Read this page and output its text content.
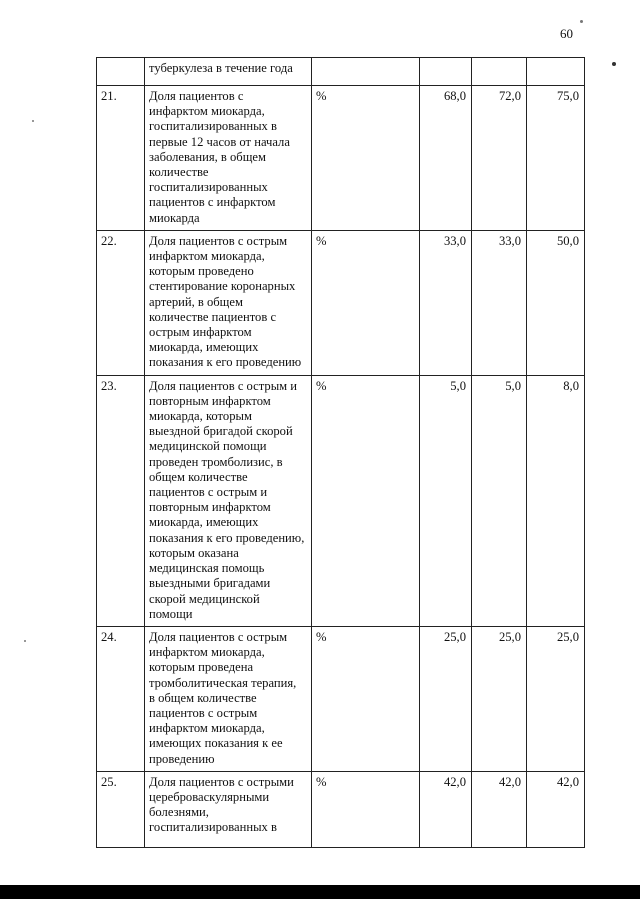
60
	туберкулеза в течение года				
21.	Доля пациентов с инфарктом миокарда, госпитализированных в первые 12 часов от начала заболевания, в общем количестве госпитализированных пациентов с инфарктом миокарда	%	68,0	72,0	75,0
22.	Доля пациентов с острым инфарктом миокарда, которым проведено стентирование коронарных артерий, в общем количестве пациентов с острым инфарктом миокарда, имеющих показания к его проведению	%	33,0	33,0	50,0
23.	Доля пациентов с острым и повторным инфарктом миокарда, которым выездной бригадой скорой медицинской помощи проведен тромболизис, в общем количестве пациентов с острым и повторным инфарктом миокарда, имеющих показания к его проведению, которым оказана медицинская помощь выездными бригадами скорой медицинской помощи	%	5,0	5,0	8,0
24.	Доля пациентов с острым инфарктом миокарда, которым проведена тромболитическая терапия, в общем количестве пациентов с острым инфарктом миокарда, имеющих показания к ее проведению	%	25,0	25,0	25,0
25.	Доля пациентов с острыми цереброваскулярными болезнями, госпитализированных в	%	42,0	42,0	42,0
